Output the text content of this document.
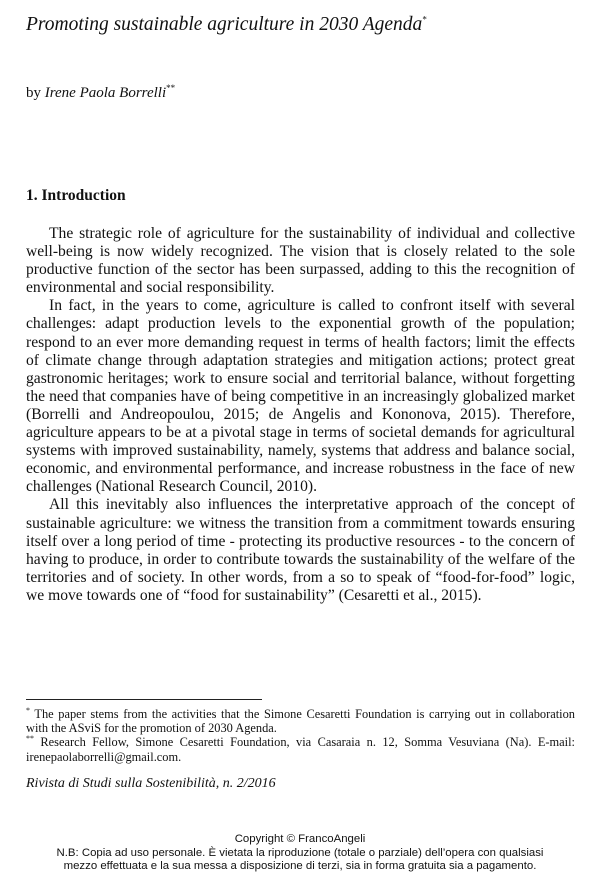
Promoting sustainable agriculture in 2030 Agenda*
by Irene Paola Borrelli**
1. Introduction

The strategic role of agriculture for the sustainability of individual and collective well-being is now widely recognized. The vision that is closely related to the sole productive function of the sector has been surpassed, adding to this the recognition of environmental and social responsibility.

In fact, in the years to come, agriculture is called to confront itself with several challenges: adapt production levels to the exponential growth of the population; respond to an ever more demanding request in terms of health factors; limit the effects of climate change through adaptation strategies and mitigation actions; protect great gastronomic heritages; work to ensure social and territorial balance, without forgetting the need that companies have of being competitive in an increasingly globalized market (Borrelli and Andreopoulou, 2015; de Angelis and Kononova, 2015). Therefore, agriculture appears to be at a pivotal stage in terms of societal demands for agricultural systems with improved sustainability, namely, systems that address and balance social, economic, and environmental performance, and increase robustness in the face of new challenges (National Research Council, 2010).

All this inevitably also influences the interpretative approach of the concept of sustainable agriculture: we witness the transition from a commitment towards ensuring itself over a long period of time - protecting its productive resources - to the concern of having to produce, in order to contribute towards the sustainability of the welfare of the territories and of society. In other words, from a so to speak of “food-for-food” logic, we move towards one of “food for sustainability” (Cesaretti et al., 2015).

* The paper stems from the activities that the Simone Cesaretti Foundation is carrying out in collaboration with the ASviS for the promotion of 2030 Agenda.

** Research Fellow, Simone Cesaretti Foundation, via Casaraia n. 12, Somma Vesuviana (Na). E-mail: irenepaolaborrelli@gmail.com.

Rivista di Studi sulla Sostenibilità, n. 2/2016
Copyright © FrancoAngeli
N.B: Copia ad uso personale. È vietata la riproduzione (totale o parziale) dell’opera con qualsiasi
mezzo effettuata e la sua messa a disposizione di terzi, sia in forma gratuita sia a pagamento.
